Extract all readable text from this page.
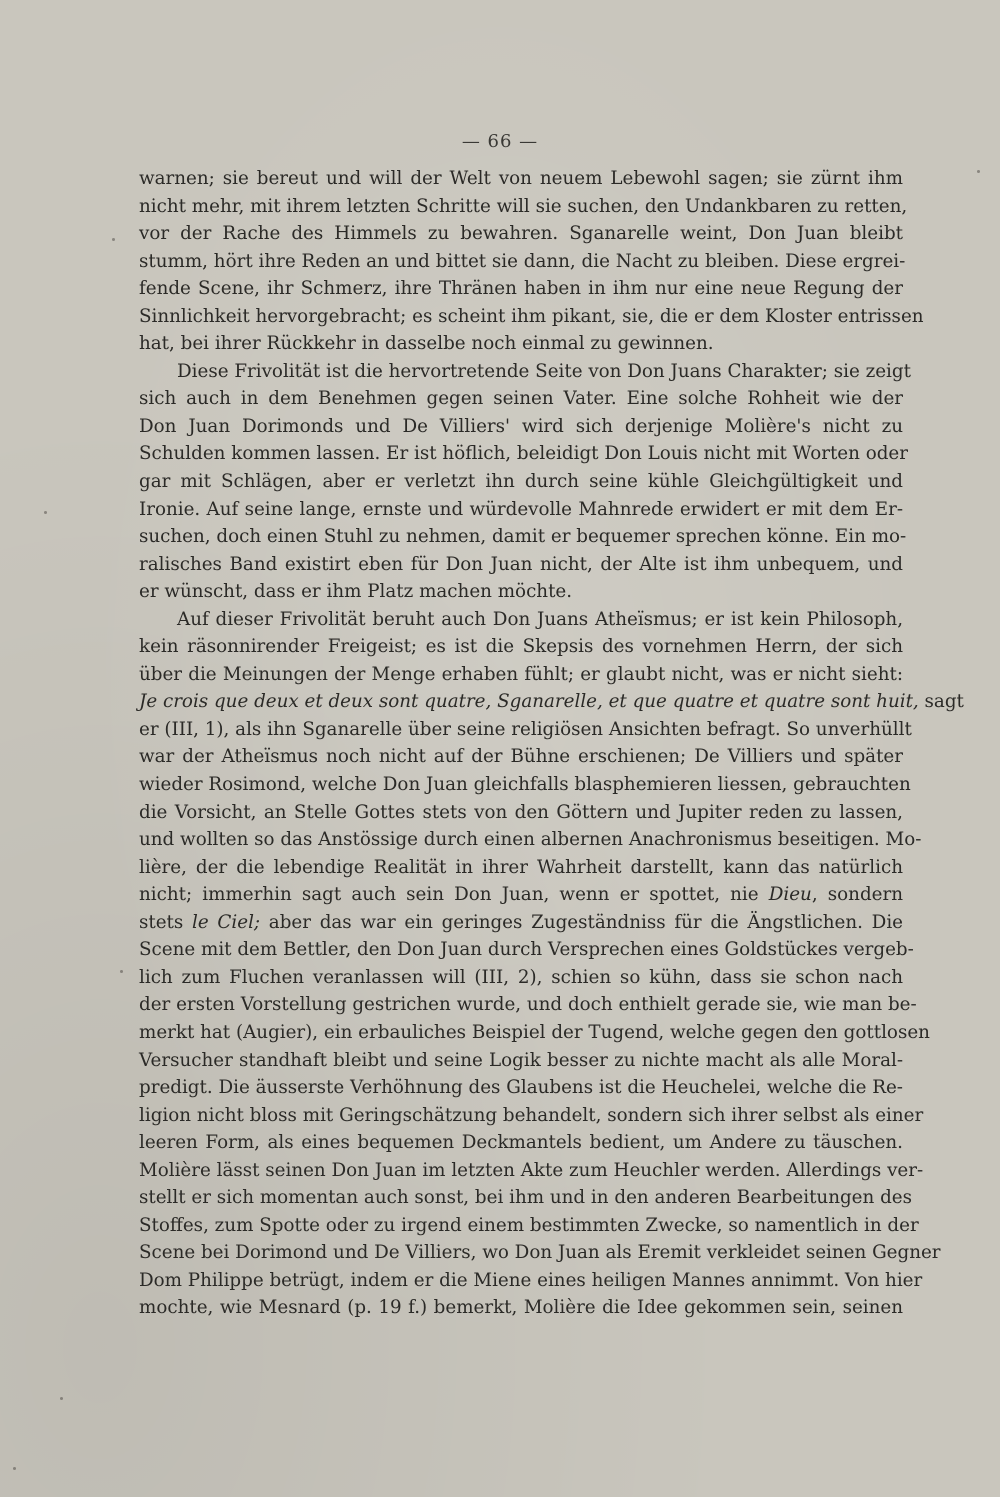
— 66 —
warnen; sie bereut und will der Welt von neuem Lebewohl sagen; sie zürnt ihm
nicht mehr, mit ihrem letzten Schritte will sie suchen, den Undankbaren zu retten,
vor der Rache des Himmels zu bewahren. Sganarelle weint, Don Juan bleibt
stumm, hört ihre Reden an und bittet sie dann, die Nacht zu bleiben. Diese ergrei-
fende Scene, ihr Schmerz, ihre Thränen haben in ihm nur eine neue Regung der
Sinnlichkeit hervorgebracht; es scheint ihm pikant, sie, die er dem Kloster entrissen
hat, bei ihrer Rückkehr in dasselbe noch einmal zu gewinnen.
Diese Frivolität ist die hervortretende Seite von Don Juans Charakter; sie zeigt
sich auch in dem Benehmen gegen seinen Vater. Eine solche Rohheit wie der
Don Juan Dorimonds und De Villiers' wird sich derjenige Molière's nicht zu
Schulden kommen lassen. Er ist höflich, beleidigt Don Louis nicht mit Worten oder
gar mit Schlägen, aber er verletzt ihn durch seine kühle Gleichgültigkeit und
Ironie. Auf seine lange, ernste und würdevolle Mahnrede erwidert er mit dem Er-
suchen, doch einen Stuhl zu nehmen, damit er bequemer sprechen könne. Ein mo-
ralisches Band existirt eben für Don Juan nicht, der Alte ist ihm unbequem, und
er wünscht, dass er ihm Platz machen möchte.
Auf dieser Frivolität beruht auch Don Juans Atheïsmus; er ist kein Philosoph,
kein räsonnirender Freigeist; es ist die Skepsis des vornehmen Herrn, der sich
über die Meinungen der Menge erhaben fühlt; er glaubt nicht, was er nicht sieht:
Je crois que deux et deux sont quatre, Sganarelle, et que quatre et quatre sont huit, sagt
er (III, 1), als ihn Sganarelle über seine religiösen Ansichten befragt. So unverhüllt
war der Atheïsmus noch nicht auf der Bühne erschienen; De Villiers und später
wieder Rosimond, welche Don Juan gleichfalls blasphemieren liessen, gebrauchten
die Vorsicht, an Stelle Gottes stets von den Göttern und Jupiter reden zu lassen,
und wollten so das Anstössige durch einen albernen Anachronismus beseitigen. Mo-
lière, der die lebendige Realität in ihrer Wahrheit darstellt, kann das natürlich
nicht; immerhin sagt auch sein Don Juan, wenn er spottet, nie Dieu, sondern
stets le Ciel; aber das war ein geringes Zugeständniss für die Ängstlichen. Die
Scene mit dem Bettler, den Don Juan durch Versprechen eines Goldstückes vergeb-
lich zum Fluchen veranlassen will (III, 2), schien so kühn, dass sie schon nach
der ersten Vorstellung gestrichen wurde, und doch enthielt gerade sie, wie man be-
merkt hat (Augier), ein erbauliches Beispiel der Tugend, welche gegen den gottlosen
Versucher standhaft bleibt und seine Logik besser zu nichte macht als alle Moral-
predigt. Die äusserste Verhöhnung des Glaubens ist die Heuchelei, welche die Re-
ligion nicht bloss mit Geringschätzung behandelt, sondern sich ihrer selbst als einer
leeren Form, als eines bequemen Deckmantels bedient, um Andere zu täuschen.
Molière lässt seinen Don Juan im letzten Akte zum Heuchler werden. Allerdings ver-
stellt er sich momentan auch sonst, bei ihm und in den anderen Bearbeitungen des
Stoffes, zum Spotte oder zu irgend einem bestimmten Zwecke, so namentlich in der
Scene bei Dorimond und De Villiers, wo Don Juan als Eremit verkleidet seinen Gegner
Dom Philippe betrügt, indem er die Miene eines heiligen Mannes annimmt. Von hier
mochte, wie Mesnard (p. 19 f.) bemerkt, Molière die Idee gekommen sein, seinen
